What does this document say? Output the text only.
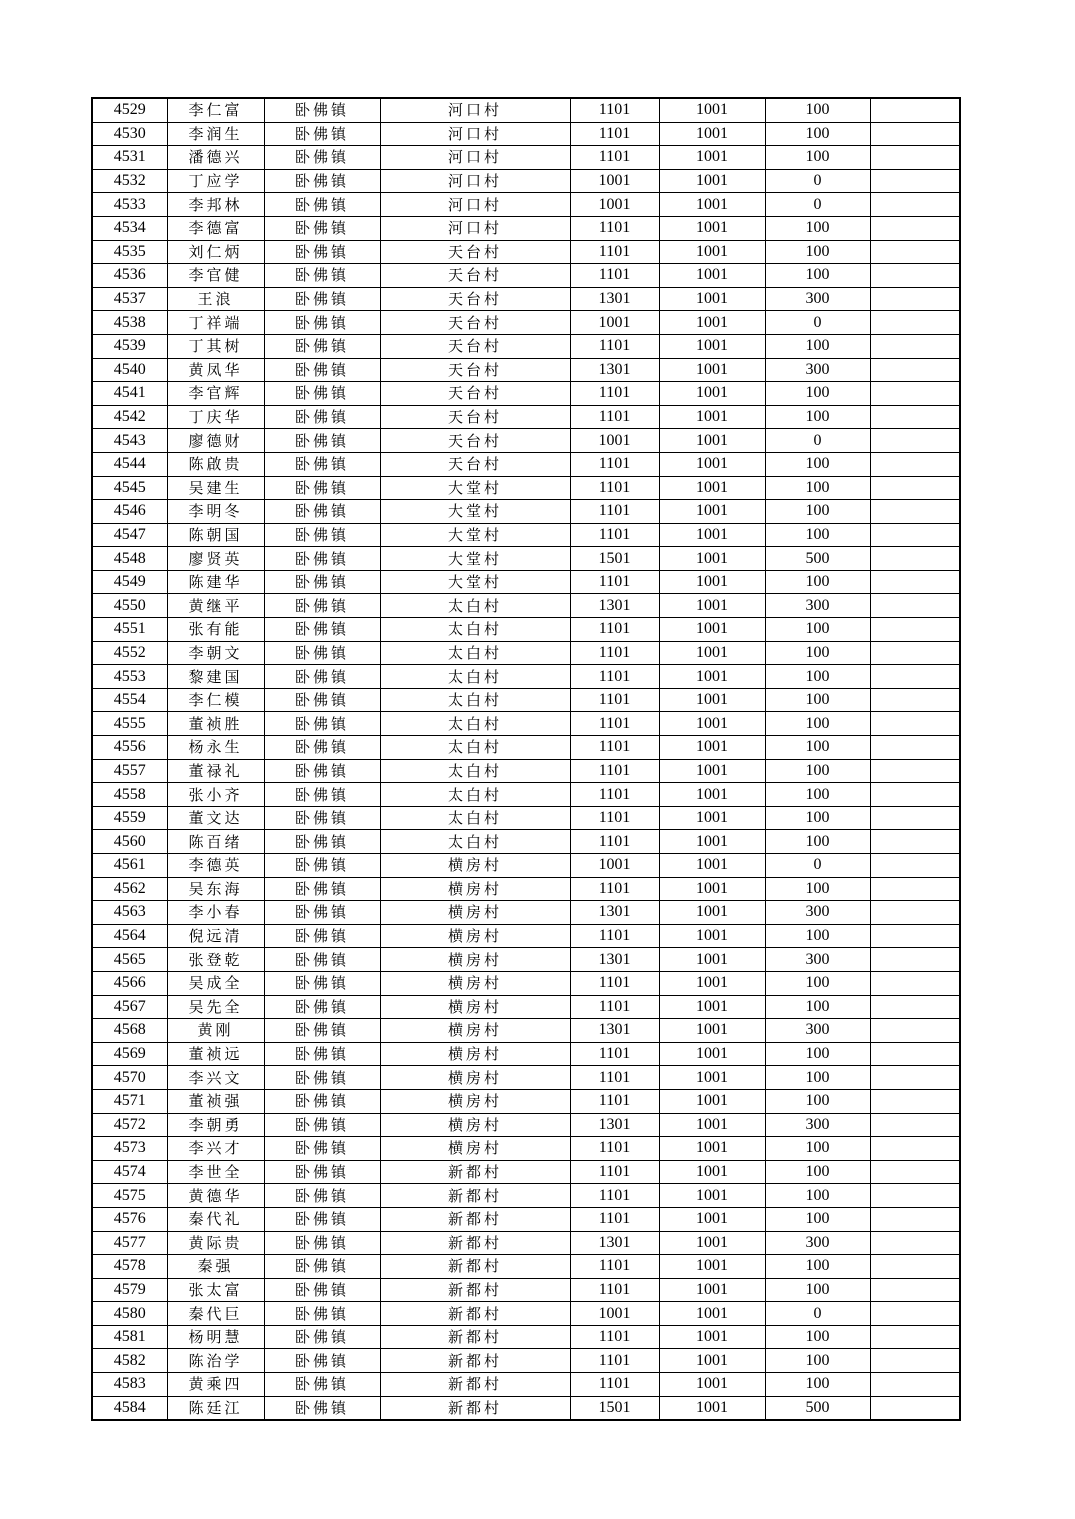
4529	李仁富	卧佛镇	河口村	1101	1001	100	
4530	李润生	卧佛镇	河口村	1101	1001	100	
4531	潘德兴	卧佛镇	河口村	1101	1001	100	
4532	丁应学	卧佛镇	河口村	1001	1001	0	
4533	李邦林	卧佛镇	河口村	1001	1001	0	
4534	李德富	卧佛镇	河口村	1101	1001	100	
4535	刘仁炳	卧佛镇	天台村	1101	1001	100	
4536	李官健	卧佛镇	天台村	1101	1001	100	
4537	王浪	卧佛镇	天台村	1301	1001	300	
4538	丁祥端	卧佛镇	天台村	1001	1001	0	
4539	丁其树	卧佛镇	天台村	1101	1001	100	
4540	黄凤华	卧佛镇	天台村	1301	1001	300	
4541	李官辉	卧佛镇	天台村	1101	1001	100	
4542	丁庆华	卧佛镇	天台村	1101	1001	100	
4543	廖德财	卧佛镇	天台村	1001	1001	0	
4544	陈啟贵	卧佛镇	天台村	1101	1001	100	
4545	吴建生	卧佛镇	大堂村	1101	1001	100	
4546	李明冬	卧佛镇	大堂村	1101	1001	100	
4547	陈朝国	卧佛镇	大堂村	1101	1001	100	
4548	廖贤英	卧佛镇	大堂村	1501	1001	500	
4549	陈建华	卧佛镇	大堂村	1101	1001	100	
4550	黄继平	卧佛镇	太白村	1301	1001	300	
4551	张有能	卧佛镇	太白村	1101	1001	100	
4552	李朝文	卧佛镇	太白村	1101	1001	100	
4553	黎建国	卧佛镇	太白村	1101	1001	100	
4554	李仁模	卧佛镇	太白村	1101	1001	100	
4555	董祯胜	卧佛镇	太白村	1101	1001	100	
4556	杨永生	卧佛镇	太白村	1101	1001	100	
4557	董禄礼	卧佛镇	太白村	1101	1001	100	
4558	张小齐	卧佛镇	太白村	1101	1001	100	
4559	董文达	卧佛镇	太白村	1101	1001	100	
4560	陈百绪	卧佛镇	太白村	1101	1001	100	
4561	李德英	卧佛镇	横房村	1001	1001	0	
4562	吴东海	卧佛镇	横房村	1101	1001	100	
4563	李小春	卧佛镇	横房村	1301	1001	300	
4564	倪远清	卧佛镇	横房村	1101	1001	100	
4565	张登乾	卧佛镇	横房村	1301	1001	300	
4566	吴成全	卧佛镇	横房村	1101	1001	100	
4567	吴先全	卧佛镇	横房村	1101	1001	100	
4568	黄刚	卧佛镇	横房村	1301	1001	300	
4569	董祯远	卧佛镇	横房村	1101	1001	100	
4570	李兴文	卧佛镇	横房村	1101	1001	100	
4571	董祯强	卧佛镇	横房村	1101	1001	100	
4572	李朝勇	卧佛镇	横房村	1301	1001	300	
4573	李兴才	卧佛镇	横房村	1101	1001	100	
4574	李世全	卧佛镇	新都村	1101	1001	100	
4575	黄德华	卧佛镇	新都村	1101	1001	100	
4576	秦代礼	卧佛镇	新都村	1101	1001	100	
4577	黄际贵	卧佛镇	新都村	1301	1001	300	
4578	秦强	卧佛镇	新都村	1101	1001	100	
4579	张太富	卧佛镇	新都村	1101	1001	100	
4580	秦代巨	卧佛镇	新都村	1001	1001	0	
4581	杨明慧	卧佛镇	新都村	1101	1001	100	
4582	陈治学	卧佛镇	新都村	1101	1001	100	
4583	黄乘四	卧佛镇	新都村	1101	1001	100	
4584	陈廷江	卧佛镇	新都村	1501	1001	500	
